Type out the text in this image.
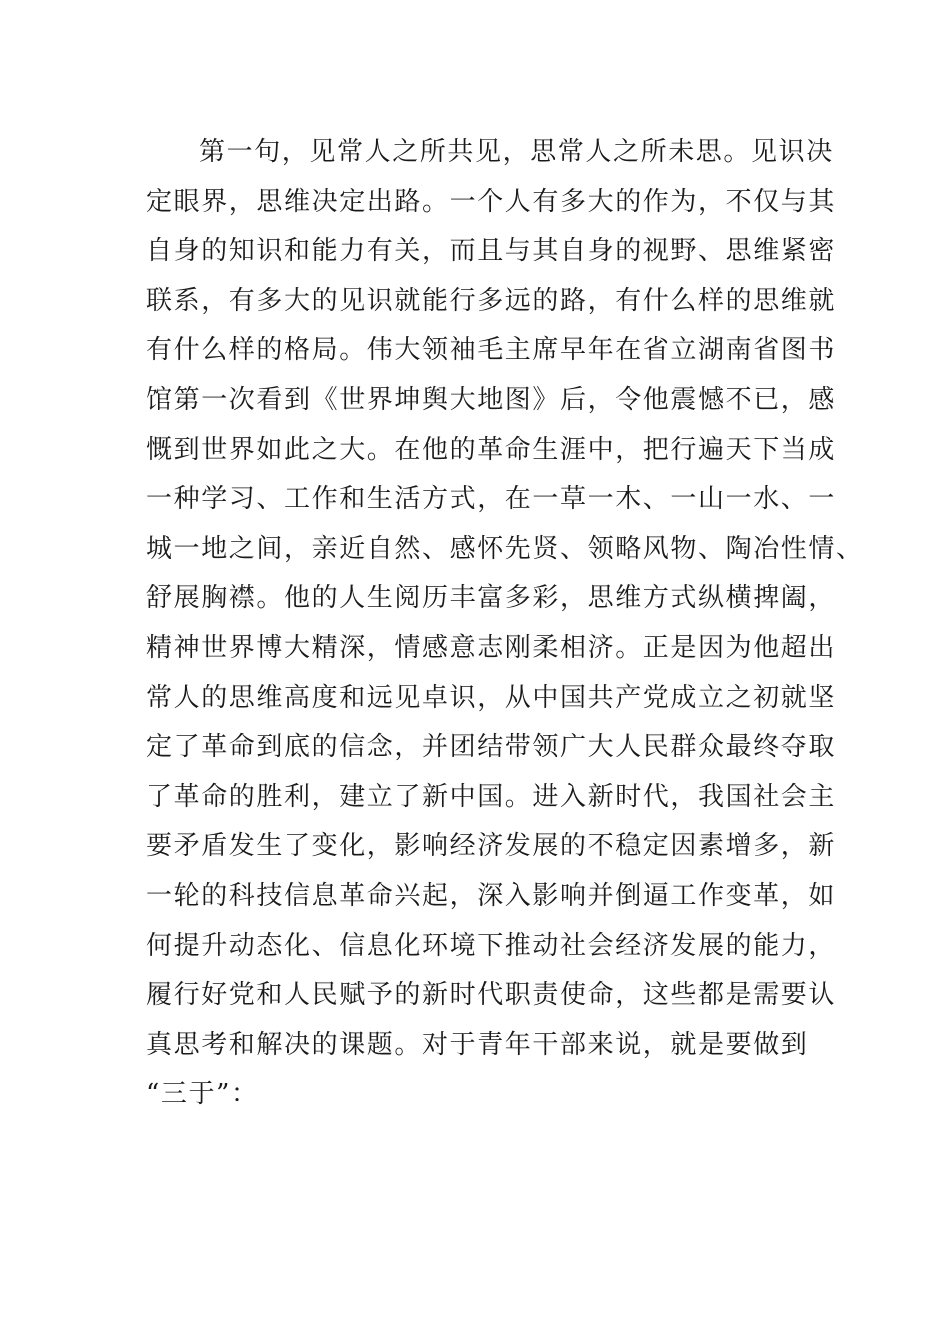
第一句，见常人之所共见，思常人之所未思。见识决
定眼界，思维决定出路。一个人有多大的作为，不仅与其
自身的知识和能力有关，而且与其自身的视野、思维紧密
联系，有多大的见识就能行多远的路，有什么样的思维就
有什么样的格局。伟大领袖毛主席早年在省立湖南省图书
馆第一次看到《世界坤舆大地图》后，令他震憾不已，感
慨到世界如此之大。在他的革命生涯中，把行遍天下当成
一种学习、工作和生活方式，在一草一木、一山一水、一
城一地之间，亲近自然、感怀先贤、领略风物、陶冶性情、
舒展胸襟。他的人生阅历丰富多彩，思维方式纵横捭阖，
精神世界博大精深，情感意志刚柔相济。正是因为他超出
常人的思维高度和远见卓识，从中国共产党成立之初就坚
定了革命到底的信念，并团结带领广大人民群众最终夺取
了革命的胜利，建立了新中国。进入新时代，我国社会主
要矛盾发生了变化，影响经济发展的不稳定因素增多，新
一轮的科技信息革命兴起，深入影响并倒逼工作变革，如
何提升动态化、信息化环境下推动社会经济发展的能力，
履行好党和人民赋予的新时代职责使命，这些都是需要认
真思考和解决的课题。对于青年干部来说，就是要做到
“三于”：
